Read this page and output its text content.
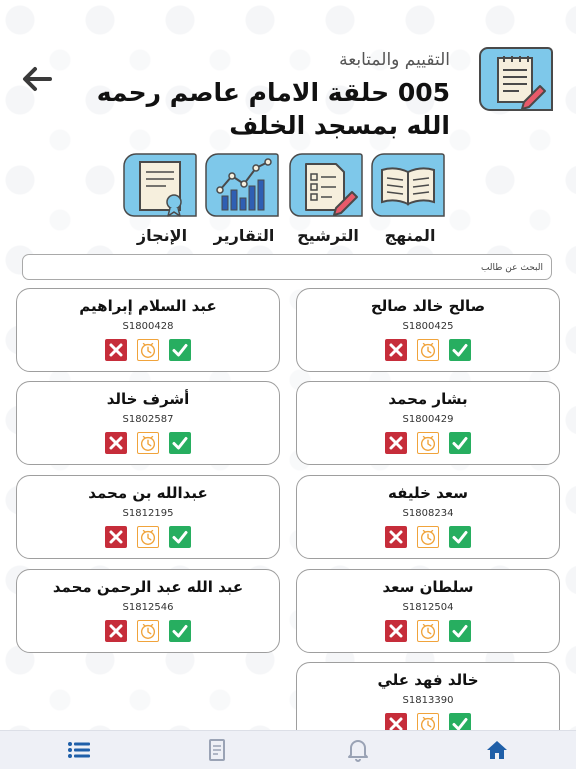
التقييم والمتابعة
005 حلقة الامام عاصم رحمه الله بمسجد الخلف
المنهج
الترشيح
التقارير
الإنجاز
البحث عن طالب
صالح خالد صالح
S1800425
عبد السلام إبراهيم
S1800428
بشار محمد
S1800429
أشرف خالد
S1802587
سعد خليفه
S1808234
عبدالله بن محمد
S1812195
سلطان سعد
S1812504
عبد الله عبد الرحمن محمد
S1812546
خالد فهد علي
S1813390
